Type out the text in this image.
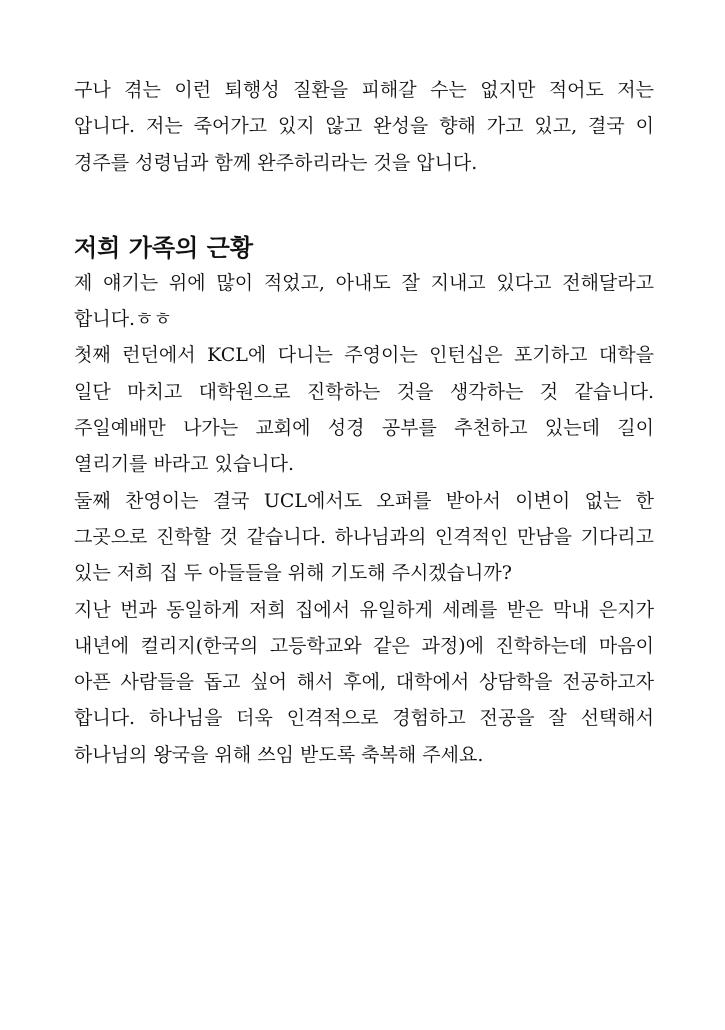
구나 겪는 이런 퇴행성 질환을 피해갈 수는 없지만 적어도 저는 압니다. 저는 죽어가고 있지 않고 완성을 향해 가고 있고, 결국 이 경주를 성령님과 함께 완주하리라는 것을 압니다.

저희 가족의 근황

제 얘기는 위에 많이 적었고, 아내도 잘 지내고 있다고 전해달라고 합니다.ㅎㅎ

첫째 런던에서 KCL에 다니는 주영이는 인턴십은 포기하고 대학을 일단 마치고 대학원으로 진학하는 것을 생각하는 것 같습니다. 주일예배만 나가는 교회에 성경 공부를 추천하고 있는데 길이 열리기를 바라고 있습니다.

둘째 찬영이는 결국 UCL에서도 오퍼를 받아서 이변이 없는 한 그곳으로 진학할 것 같습니다. 하나님과의 인격적인 만남을 기다리고 있는 저희 집 두 아들들을 위해 기도해 주시겠습니까?

지난 번과 동일하게 저희 집에서 유일하게 세례를 받은 막내 은지가 내년에 컬리지(한국의 고등학교와 같은 과정)에 진학하는데 마음이 아픈 사람들을 돕고 싶어 해서 후에, 대학에서 상담학을 전공하고자 합니다. 하나님을 더욱 인격적으로 경험하고 전공을 잘 선택해서 하나님의 왕국을 위해 쓰임 받도록 축복해 주세요.
